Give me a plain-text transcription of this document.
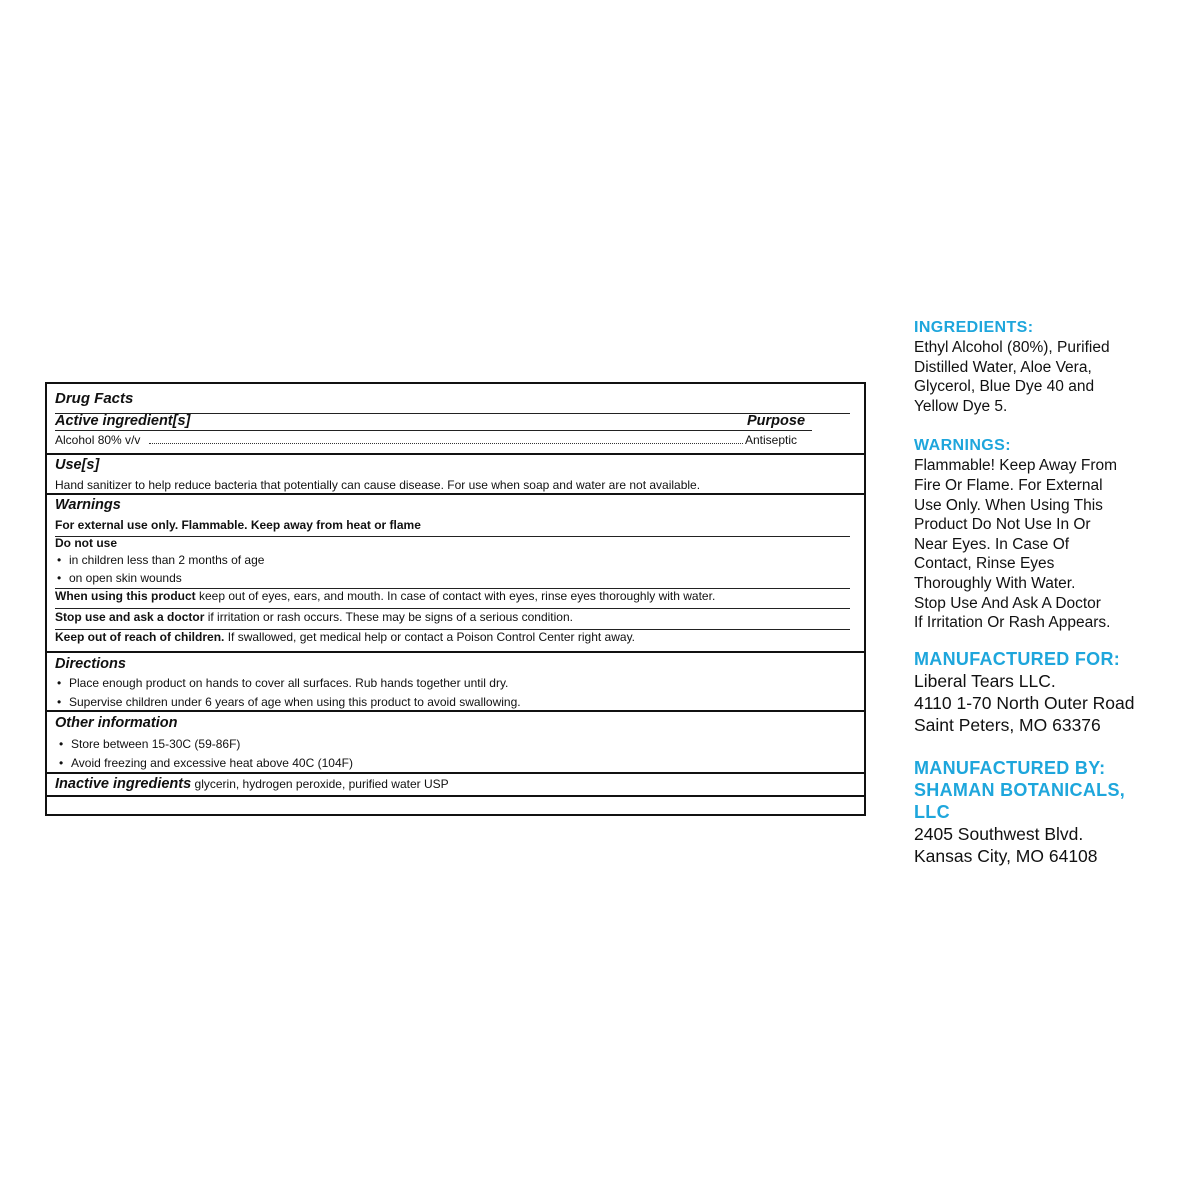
Drug Facts
Active ingredient[s]	Purpose
Alcohol 80% v/v	Antiseptic
Use[s]
Hand sanitizer to help reduce bacteria that potentially can cause disease. For use when soap and water are not available.
Warnings
For external use only. Flammable. Keep away from heat or flame
Do not use
• in children less than 2 months of age
• on open skin wounds
When using this product keep out of eyes, ears, and mouth. In case of contact with eyes, rinse eyes thoroughly with water.
Stop use and ask a doctor if irritation or rash occurs. These may be signs of a serious condition.
Keep out of reach of children. If swallowed, get medical help or contact a Poison Control Center right away.
Directions
• Place enough product on hands to cover all surfaces. Rub hands together until dry.
• Supervise children under 6 years of age when using this product to avoid swallowing.
Other information
• Store between 15-30C (59-86F)
• Avoid freezing and excessive heat above 40C (104F)
Inactive ingredients glycerin, hydrogen peroxide, purified water USP
INGREDIENTS:
Ethyl Alcohol (80%), Purified
Distilled Water, Aloe Vera,
Glycerol, Blue Dye 40 and
Yellow Dye 5.
WARNINGS:
Flammable! Keep Away From
Fire Or Flame. For External
Use Only. When Using This
Product Do Not Use In Or
Near Eyes. In Case Of
Contact, Rinse Eyes
Thoroughly With Water.
Stop Use And Ask A Doctor
If Irritation Or Rash Appears.
MANUFACTURED FOR:
Liberal Tears LLC.
4110 1-70 North Outer Road
Saint Peters, MO 63376
MANUFACTURED BY:
SHAMAN BOTANICALS,
LLC
2405 Southwest Blvd.
Kansas City, MO 64108
